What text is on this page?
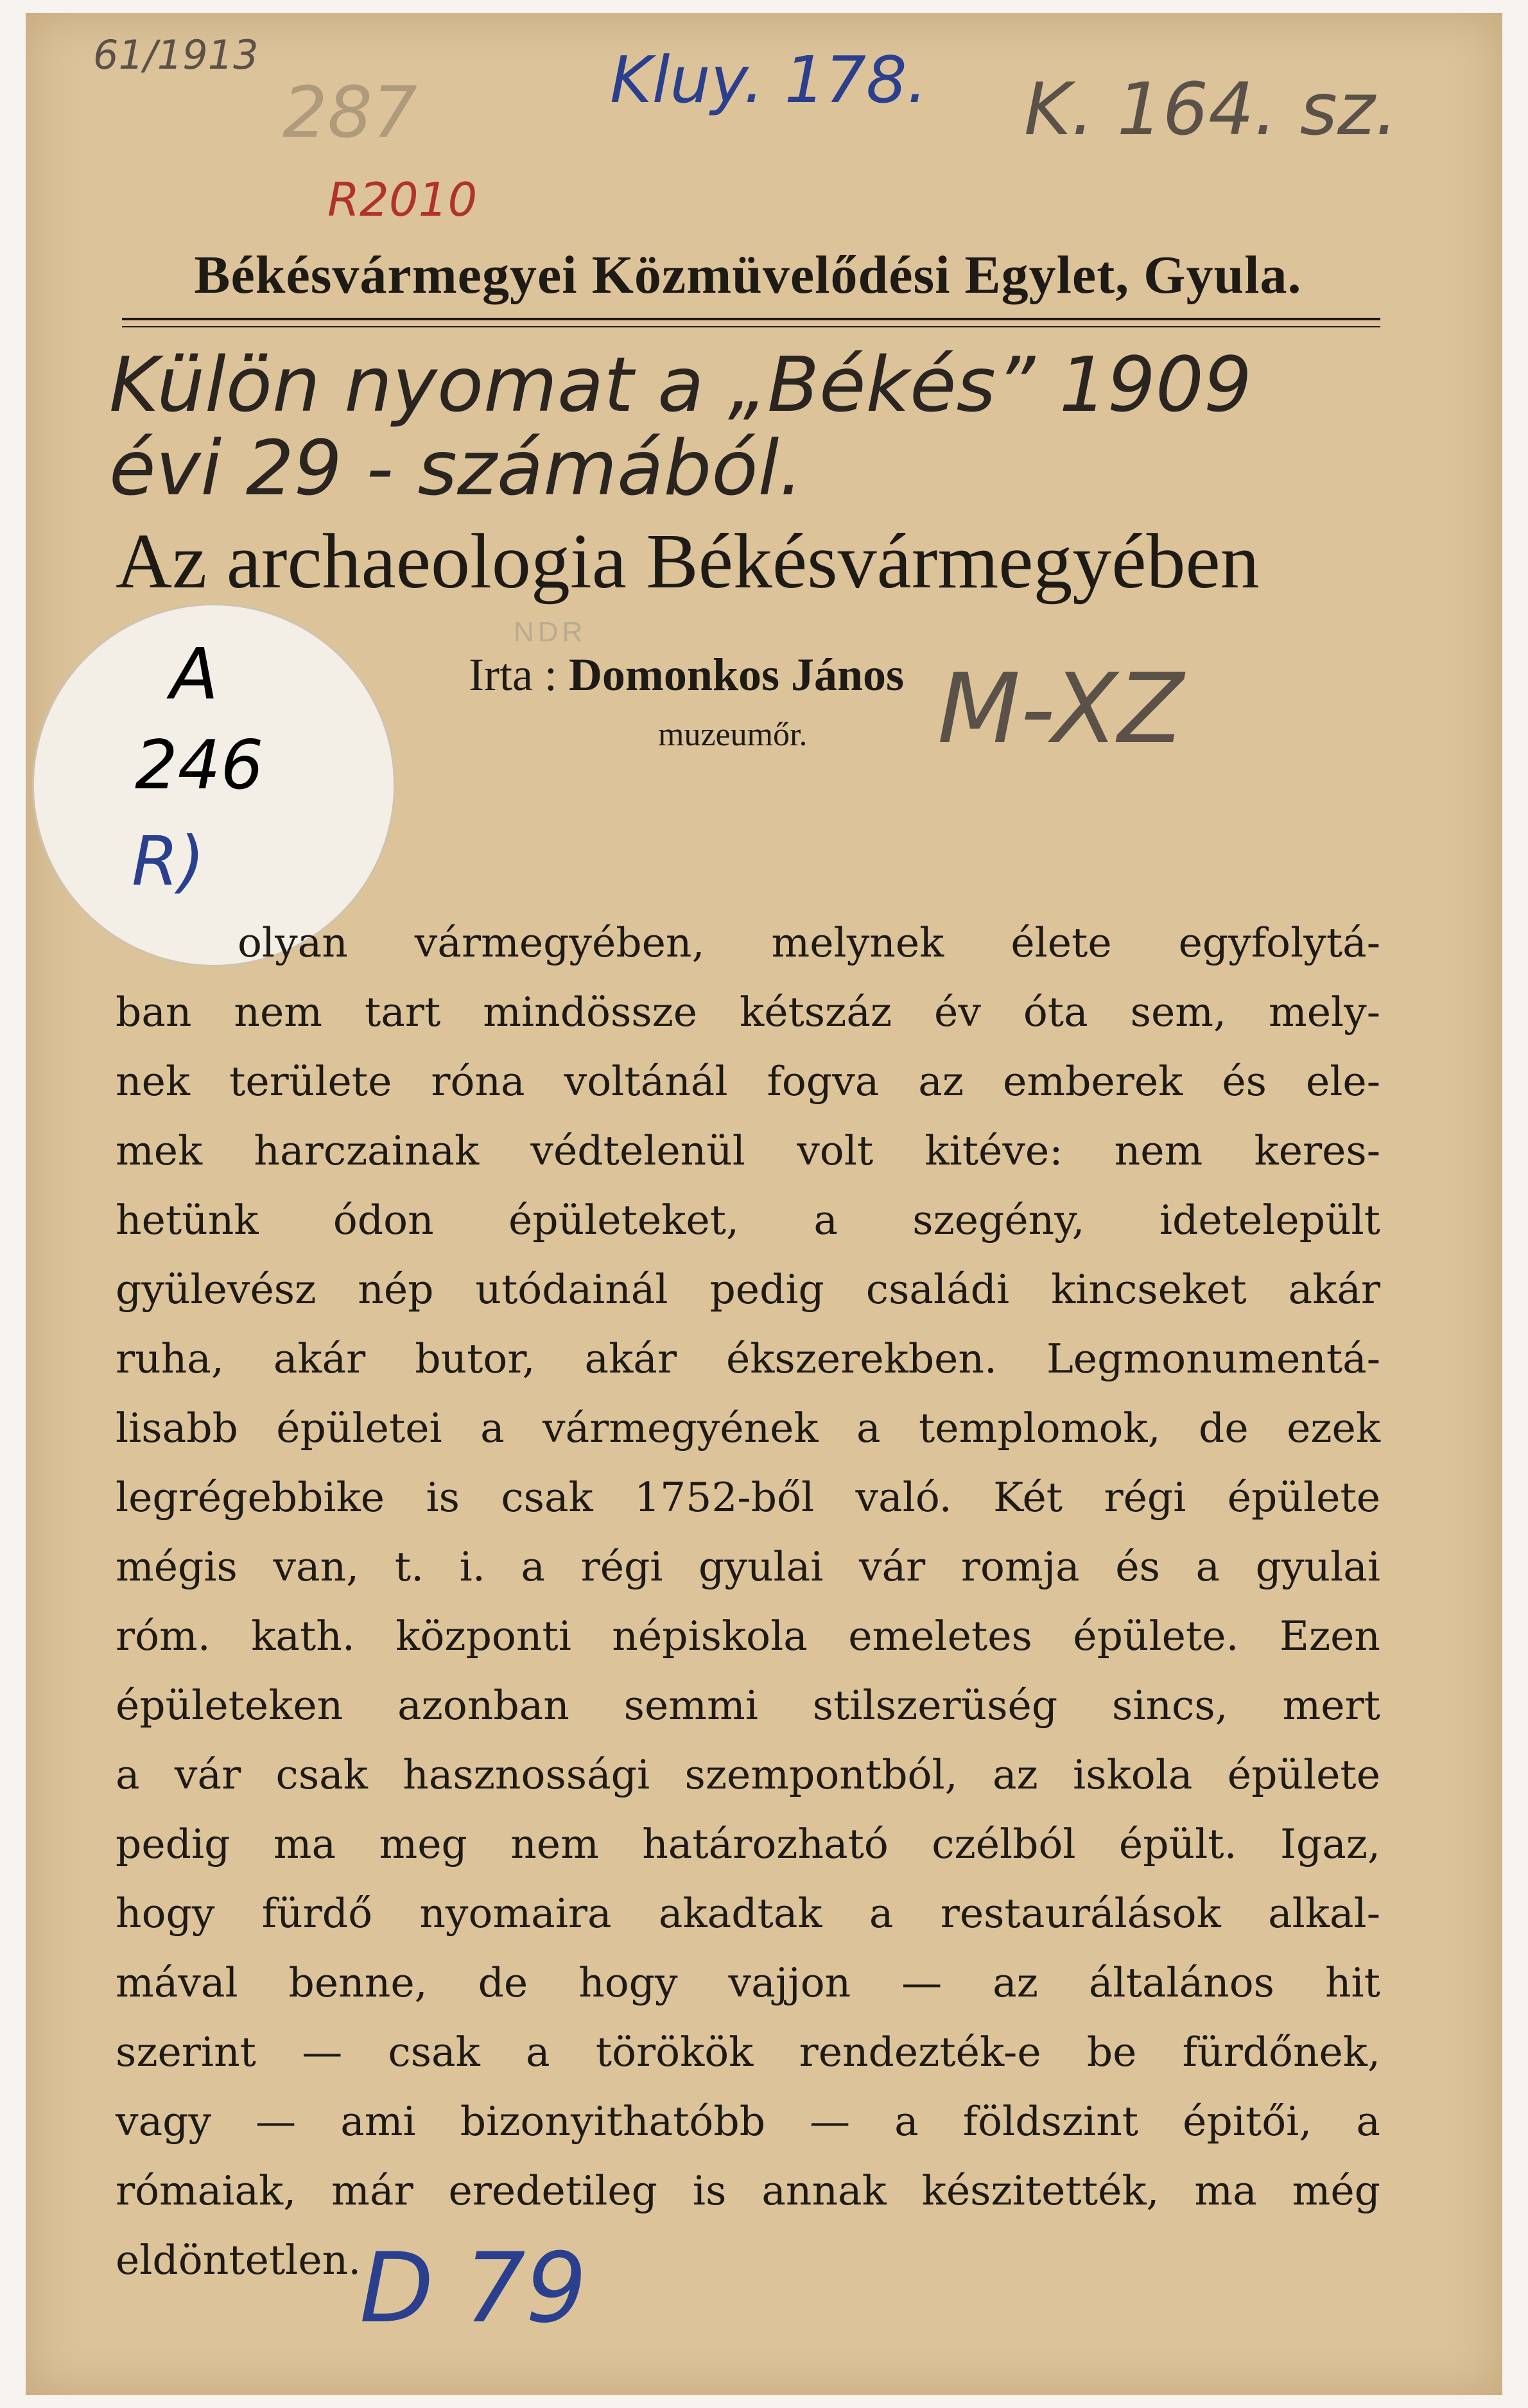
61/1913
287	Kluy. 178. K. 164. sz.
R2010
Békésvármegyei Közmüvelődési Egylet, Gyula.
Külön nyomat a „Békés” 1909
évi 29 - számából.
Az archaeologia Békésvármegyében
Irta : Domonkos János
muzeumőr. M-XZ
NDR
A
246
R)
olyan vármegyében, melynek élete egyfolytá-
ban nem tart mindössze kétszáz év óta sem, mely-
nek területe róna voltánál fogva az emberek és ele-
mek harczainak védtelenül volt kitéve: nem keres-
hetünk ódon épületeket, a szegény, idetelepült
gyülevész nép utódainál pedig családi kincseket akár
ruha, akár butor, akár ékszerekben. Legmonumentá-
lisabb épületei a vármegyének a templomok, de ezek
legrégebbike is csak 1752-ből való. Két régi épülete
mégis van, t. i. a régi gyulai vár romja és a gyulai
róm. kath. központi népiskola emeletes épülete. Ezen
épületeken azonban semmi stilszerüség sincs, mert
a vár csak hasznossági szempontból, az iskola épülete
pedig ma meg nem határozható czélból épült. Igaz,
hogy fürdő nyomaira akadtak a restaurálások alkal-
mával benne, de hogy vajjon — az általános hit
szerint — csak a törökök rendezték-e be fürdőnek,
vagy — ami bizonyithatóbb — a földszint épitői, a
rómaiak, már eredetileg is annak készitették, ma még
eldöntetlen.
D 79
